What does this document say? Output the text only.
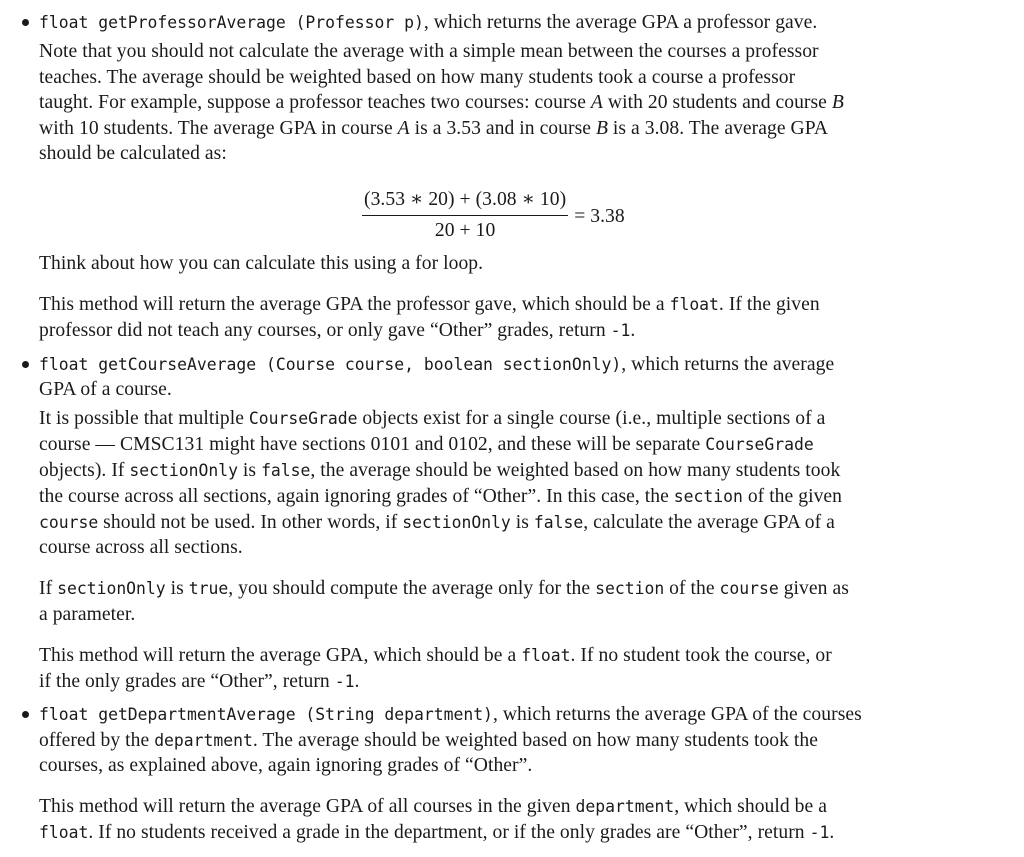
float getProfessorAverage (Professor p), which returns the average GPA a professor gave.
Note that you should not calculate the average with a simple mean between the courses a professor
teaches. The average should be weighted based on how many students took a course a professor
taught. For example, suppose a professor teaches two courses: course A with 20 students and course B
with 10 students. The average GPA in course A is a 3.53 and in course B is a 3.08. The average GPA
should be calculated as:
$\frac{(3.53 ∗ 20) + (3.08 ∗ 10)}{20 + 10} = 3.38$
Think about how you can calculate this using a for loop.
This method will return the average GPA the professor gave, which should be a float. If the given
professor did not teach any courses, or only gave “Other” grades, return -1.
float getCourseAverage (Course course, boolean sectionOnly), which returns the average
GPA of a course.
It is possible that multiple CourseGrade objects exist for a single course (i.e., multiple sections of a
course — CMSC131 might have sections 0101 and 0102, and these will be separate CourseGrade
objects). If sectionOnly is false, the average should be weighted based on how many students took
the course across all sections, again ignoring grades of “Other”. In this case, the section of the given
course should not be used. In other words, if sectionOnly is false, calculate the average GPA of a
course across all sections.
If sectionOnly is true, you should compute the average only for the section of the course given as
a parameter.
This method will return the average GPA, which should be a float. If no student took the course, or
if the only grades are “Other”, return -1.
float getDepartmentAverage (String department), which returns the average GPA of the courses
offered by the department. The average should be weighted based on how many students took the
courses, as explained above, again ignoring grades of “Other”.
This method will return the average GPA of all courses in the given department, which should be a
float. If no students received a grade in the department, or if the only grades are “Other”, return -1.
